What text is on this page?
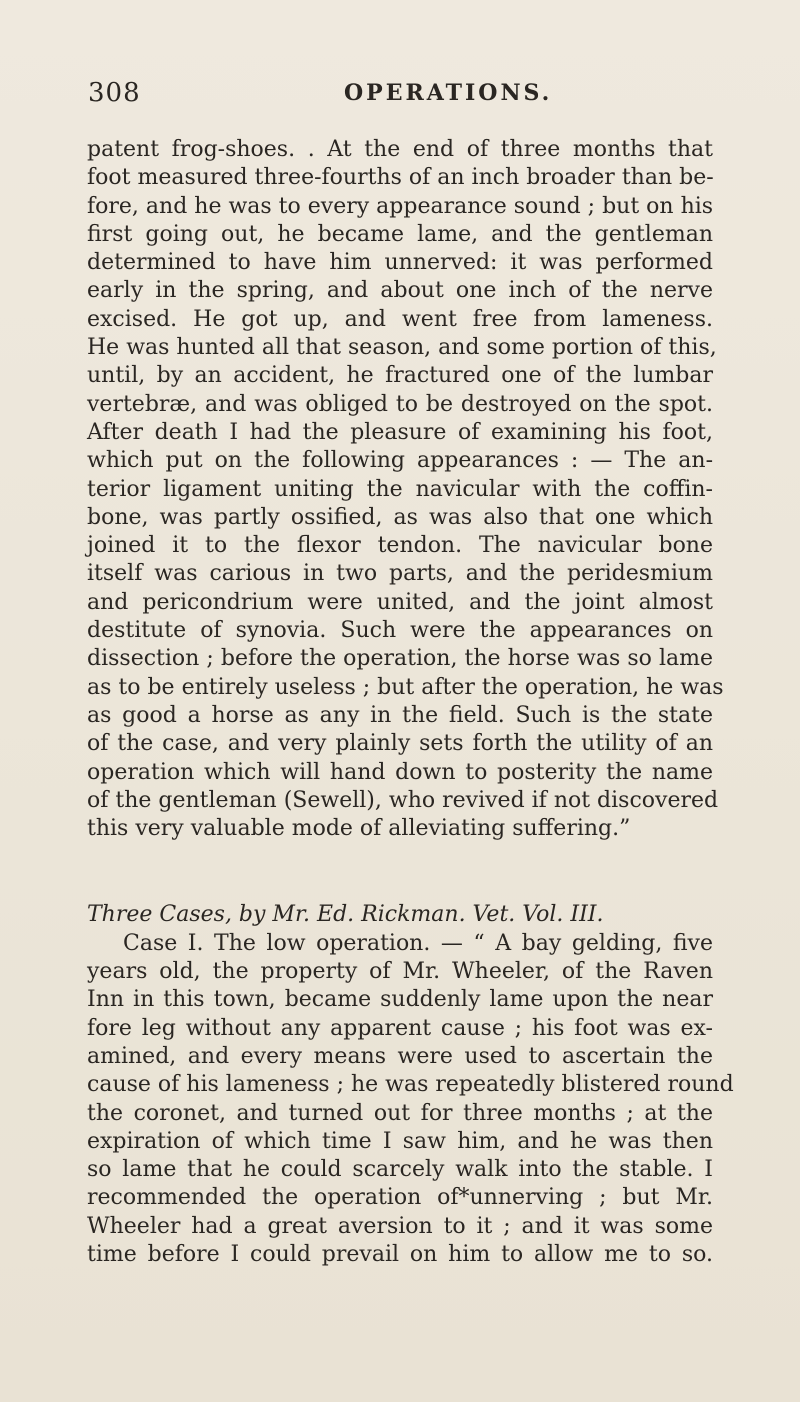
308	OPERATIONS.
patent frog-shoes. . At the end of three months that
foot measured three-fourths of an inch broader than be-
fore, and he was to every appearance sound ; but on his
first going out, he became lame, and the gentleman
determined to have him unnerved: it was performed
early in the spring, and about one inch of the nerve
excised. He got up, and went free from lameness.
He was hunted all that season, and some portion of this,
until, by an accident, he fractured one of the lumbar
vertebræ, and was obliged to be destroyed on the spot.
After death I had the pleasure of examining his foot,
which put on the following appearances : — The an-
terior ligament uniting the navicular with the coffin-
bone, was partly ossified, as was also that one which
joined it to the flexor tendon. The navicular bone
itself was carious in two parts, and the peridesmium
and pericondrium were united, and the joint almost
destitute of synovia. Such were the appearances on
dissection ; before the operation, the horse was so lame
as to be entirely useless ; but after the operation, he was
as good a horse as any in the field. Such is the state
of the case, and very plainly sets forth the utility of an
operation which will hand down to posterity the name
of the gentleman (Sewell), who revived if not discovered
this very valuable mode of alleviating suffering.”
Three Cases, by Mr. Ed. Rickman. Vet. Vol. III.
Case I. The low operation. — “ A bay gelding, five
years old, the property of Mr. Wheeler, of the Raven
Inn in this town, became suddenly lame upon the near
fore leg without any apparent cause ; his foot was ex-
amined, and every means were used to ascertain the
cause of his lameness ; he was repeatedly blistered round
the coronet, and turned out for three months ; at the
expiration of which time I saw him, and he was then
so lame that he could scarcely walk into the stable. I
recommended the operation of*unnerving ; but Mr.
Wheeler had a great aversion to it ; and it was some
time before I could prevail on him to allow me to so.
